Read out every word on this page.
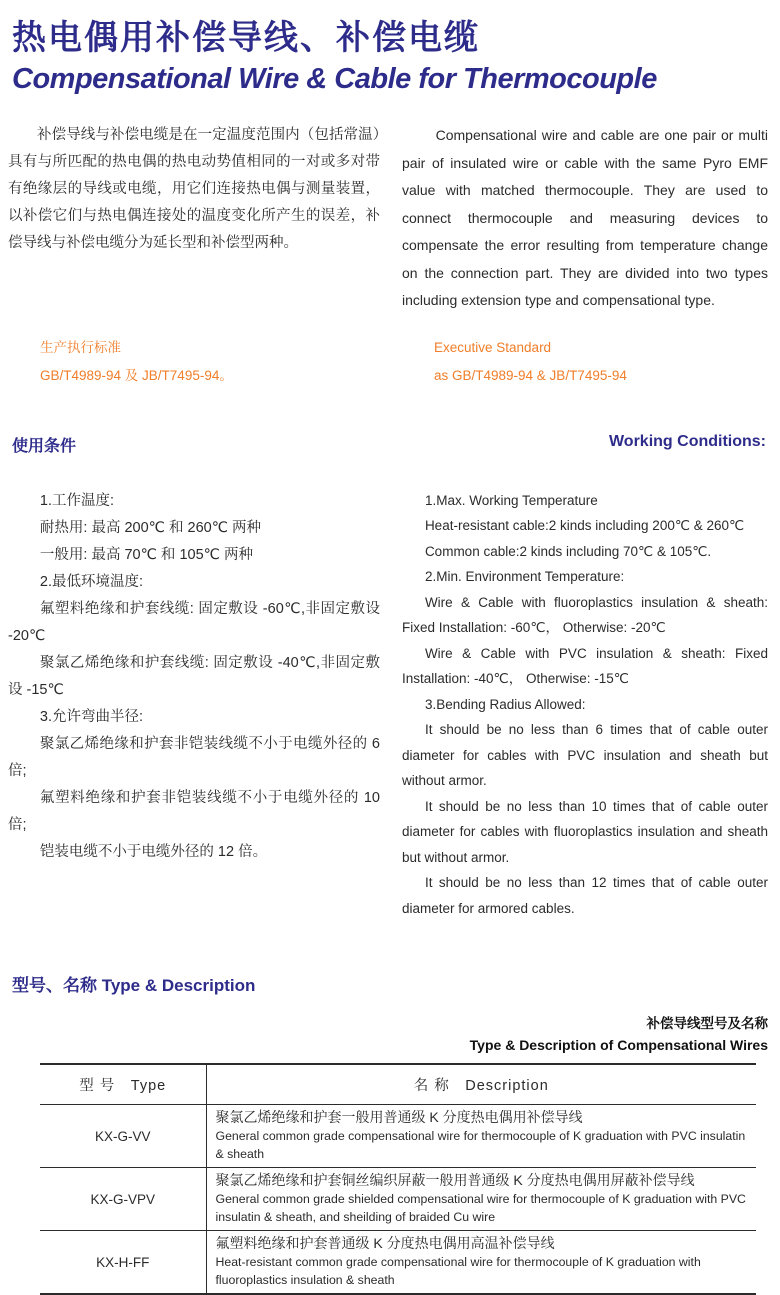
热电偶用补偿导线、补偿电缆
Compensational Wire & Cable for Thermocouple

补偿导线与补偿电缆是在一定温度范围内（包括常温）具有与所匹配的热电偶的热电动势值相同的一对或多对带有绝缘层的导线或电缆，用它们连接热电偶与测量装置，以补偿它们与热电偶连接处的温度变化所产生的误差，补偿导线与补偿电缆分为延长型和补偿型两种。

Compensational wire and cable are one pair or multi pair of insulated wire or cable with the same Pyro EMF value with matched thermocouple. They are used to connect thermocouple and measuring devices to compensate the error resulting from temperature change on the connection part. They are divided into two types including extension type and compensational type.

生产执行标准

GB/T4989-94 及 JB/T7495-94。

Executive Standard

as GB/T4989-94 & JB/T7495-94

使用条件	Working Conditions:

1.工作温度:

耐热用: 最高 200℃ 和 260℃ 两种

一般用: 最高 70℃ 和 105℃ 两种

2.最低环境温度:

氟塑料绝缘和护套线缆: 固定敷设 -60℃,非固定敷设 -20℃

聚氯乙烯绝缘和护套线缆: 固定敷设 -40℃,非固定敷设 -15℃

3.允许弯曲半径:

聚氯乙烯绝缘和护套非铠装线缆不小于电缆外径的 6 倍;

氟塑料绝缘和护套非铠装线缆不小于电缆外径的 10 倍;

铠装电缆不小于电缆外径的 12 倍。

1.Max. Working Temperature

Heat-resistant cable:2 kinds including 200℃ & 260℃

Common cable:2 kinds including 70℃ & 105℃.

2.Min. Environment Temperature:

Wire & Cable with fluoroplastics insulation & sheath: Fixed Installation: -60℃， Otherwise: -20℃

Wire & Cable with PVC insulation & sheath: Fixed Installation: -40℃， Otherwise: -15℃

3.Bending Radius Allowed:

It should be no less than 6 times that of cable outer diameter for cables with PVC insulation and sheath but without armor.

It should be no less than 10 times that of cable outer diameter for cables with fluoroplastics insulation and sheath but without armor.

It should be no less than 12 times that of cable outer diameter for armored cables.

型号、名称 Type & Description

补偿导线型号及名称

Type & Description of Compensational Wires

型 号　Type	名 称　Description
KX-G-VV	聚氯乙烯绝缘和护套一般用普通级 K 分度热电偶用补偿导线
General common grade compensational wire for thermocouple of K graduation with PVC insulatin & sheath

KX-G-VPV	聚氯乙烯绝缘和护套铜丝编织屏蔽一般用普通级 K 分度热电偶用屏蔽补偿导线
General common grade shielded compensational wire for thermocouple of K graduation with PVC insulatin & sheath, and sheilding of braided Cu wire

KX-H-FF	氟塑料绝缘和护套普通级 K 分度热电偶用高温补偿导线
Heat-resistant common grade compensational wire for thermocouple of K graduation with fluoroplastics insulation & sheath
